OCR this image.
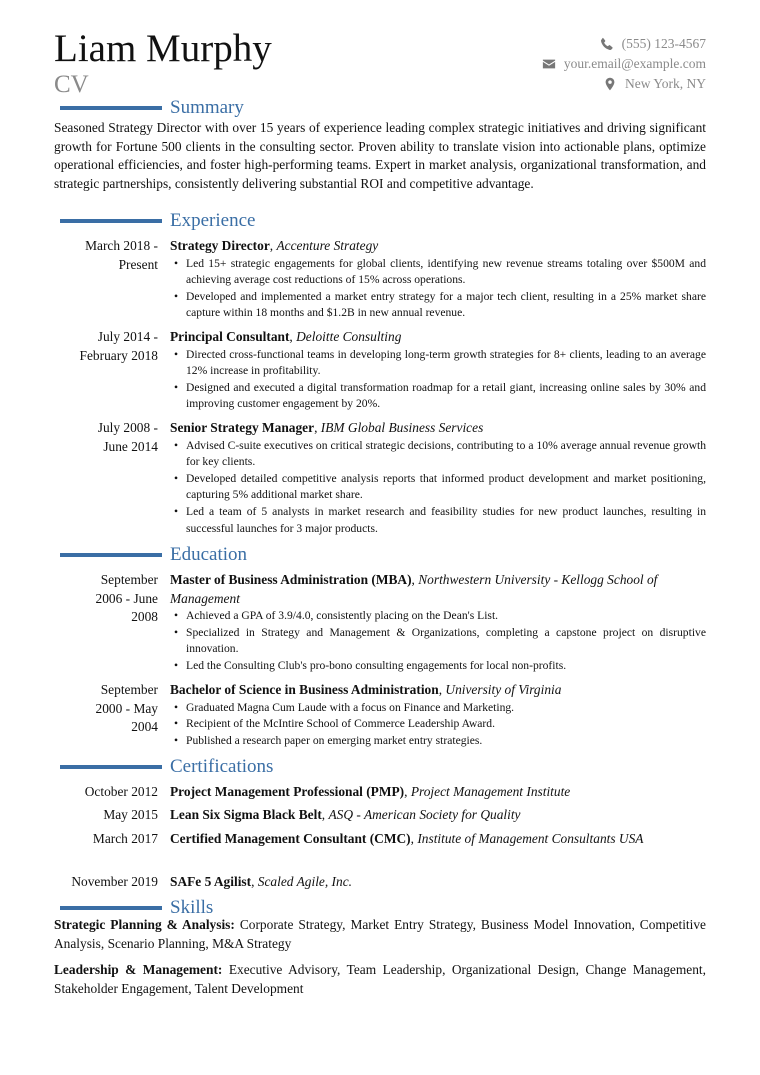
Liam Murphy
CV
(555) 123-4567
your.email@example.com
New York, NY
Summary
Seasoned Strategy Director with over 15 years of experience leading complex strategic initiatives and driving significant growth for Fortune 500 clients in the consulting sector. Proven ability to translate vision into actionable plans, optimize operational efficiencies, and foster high-performing teams. Expert in market analysis, organizational transformation, and strategic partnerships, consistently delivering substantial ROI and competitive advantage.
Experience
March 2018 -
Present
Strategy Director, Accenture Strategy
• Led 15+ strategic engagements for global clients, identifying new revenue streams totaling over $500M and achieving average cost reductions of 15% across operations.
• Developed and implemented a market entry strategy for a major tech client, resulting in a 25% market share capture within 18 months and $1.2B in new annual revenue.
July 2014 -
February 2018
Principal Consultant, Deloitte Consulting
• Directed cross-functional teams in developing long-term growth strategies for 8+ clients, leading to an average 12% increase in profitability.
• Designed and executed a digital transformation roadmap for a retail giant, increasing online sales by 30% and improving customer engagement by 20%.
July 2008 -
June 2014
Senior Strategy Manager, IBM Global Business Services
• Advised C-suite executives on critical strategic decisions, contributing to a 10% average annual revenue growth for key clients.
• Developed detailed competitive analysis reports that informed product development and market positioning, capturing 5% additional market share.
• Led a team of 5 analysts in market research and feasibility studies for new product launches, resulting in successful launches for 3 major products.
Education
September
2006 - June
2008
Master of Business Administration (MBA), Northwestern University - Kellogg School of Management
• Achieved a GPA of 3.9/4.0, consistently placing on the Dean's List.
• Specialized in Strategy and Management & Organizations, completing a capstone project on disruptive innovation.
• Led the Consulting Club's pro-bono consulting engagements for local non-profits.
September
2000 - May
2004
Bachelor of Science in Business Administration, University of Virginia
• Graduated Magna Cum Laude with a focus on Finance and Marketing.
• Recipient of the McIntire School of Commerce Leadership Award.
• Published a research paper on emerging market entry strategies.
Certifications
October 2012 Project Management Professional (PMP), Project Management Institute
May 2015 Lean Six Sigma Black Belt, ASQ - American Society for Quality
March 2017 Certified Management Consultant (CMC), Institute of Management Consultants USA
November 2019 SAFe 5 Agilist, Scaled Agile, Inc.
Skills
Strategic Planning & Analysis: Corporate Strategy, Market Entry Strategy, Business Model Innovation, Competitive Analysis, Scenario Planning, M&A Strategy
Leadership & Management: Executive Advisory, Team Leadership, Organizational Design, Change Management, Stakeholder Engagement, Talent Development
